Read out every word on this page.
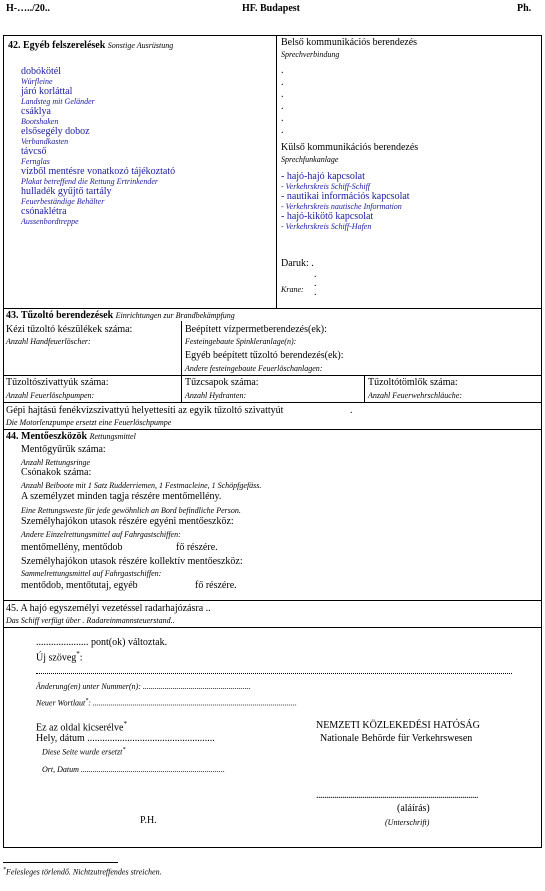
H-…../20..	HF. Budapest	Ph.
42. Egyéb felszerelések Sonstige Ausrüstung
dobókötél
Würfleine
járó korláttal
Landsteg mit Geländer
csáklya
Bootshaken
elsősegély doboz
Verbandkasten
távcső
Fernglas
vízből mentésre vonatkozó tájékoztató
Plakat betreffend die Rettung Ertrinkender
hulladék gyűjtő tartály
Feuerbeständige Behälter
csónaklétra
Aussenbordtreppe
Belső kommunikációs berendezés
Sprechverbindung
.
.
.
.
.
.
Külső kommunikációs berendezés
Sprechfunkanlage
- hajó-hajó kapcsolat
- Verkehrskreis Schiff-Schiff
- nautikai információs kapcsolat
- Verkehrskreis nautische Information
- hajó-kikötő kapcsolat
- Verkehrskreis Schiff-Hafen
Daruk: .
Krane:
.
.
.
43. Tűzoltó berendezések Einrichtungen zur Brandbekämpfung
Kézi tűzoltó készülékek száma:
Anzahl Handfeuerlöscher:
Beépített vízpermetberendezés(ek):
Festeingebaute Spinkleranlage(n):
Egyéb beépített tűzoltó berendezés(ek):
Andere festeingebaute Feuerlöschanlagen:
Tűzoltószivattyúk száma:
Anzahl Feuerlöschpumpen:
Tűzcsapok száma:
Anzahl Hydranten:
Tűzoltótömlők száma:
Anzahl Feuerwehrschläuche:
Gépi hajtású fenékvízszivattyú helyettesíti az egyik tűzoltó szivattyút	.
Die Motorlenzpumpe ersetzt eine Feuerlöschpumpe
44. Mentőeszközök Rettungsmittel
Mentőgyűrűk száma:
Anzahl Rettungsringe
Csónakok száma:
Anzahl Beiboote mit 1 Satz Rudderriemen, 1 Festmacleine, 1 Schöpfgefäss.
A személyzet minden tagja részére mentőmellény.
Eine Rettungsweste für jede gewöhnlich an Bord befindliche Person.
Személyhajókon utasok részére egyéni mentőeszköz:
Andere Einzelrettungsmittel auf Fahrgastschiffen:
mentőmellény, mentődob	fő részére.
Személyhajókon utasok részére kollektív mentőeszköz:
Sammelrettungsmittel auf Fahrgastschiffen:
mentődob, mentőtutaj, egyéb	fő részére.
45. A hajó egyszemélyi vezetéssel radarhajózásra ..
Das Schiff verfügt über . Radareinmannsteuerstand..
..................... pont(ok) változtak.
Új szöveg*:
Änderung(en) unter Nummer(n): ......................................................
Neuer Wortlaut*: ......................................................................................................
Ez az oldal kicserélve*
Hely, dátum ...................................................
Diese Seite wurde ersetzt*
Ort, Datum ........................................................................
NEMZETI KÖZLEKEDÉSI HATÓSÁG
Nationale Behörde für Verkehrswesen
.................................................................................
(aláírás)
(Unterschrift)
P.H.
*Felesleges törlendő. Nichtzutreffendes streichen.
